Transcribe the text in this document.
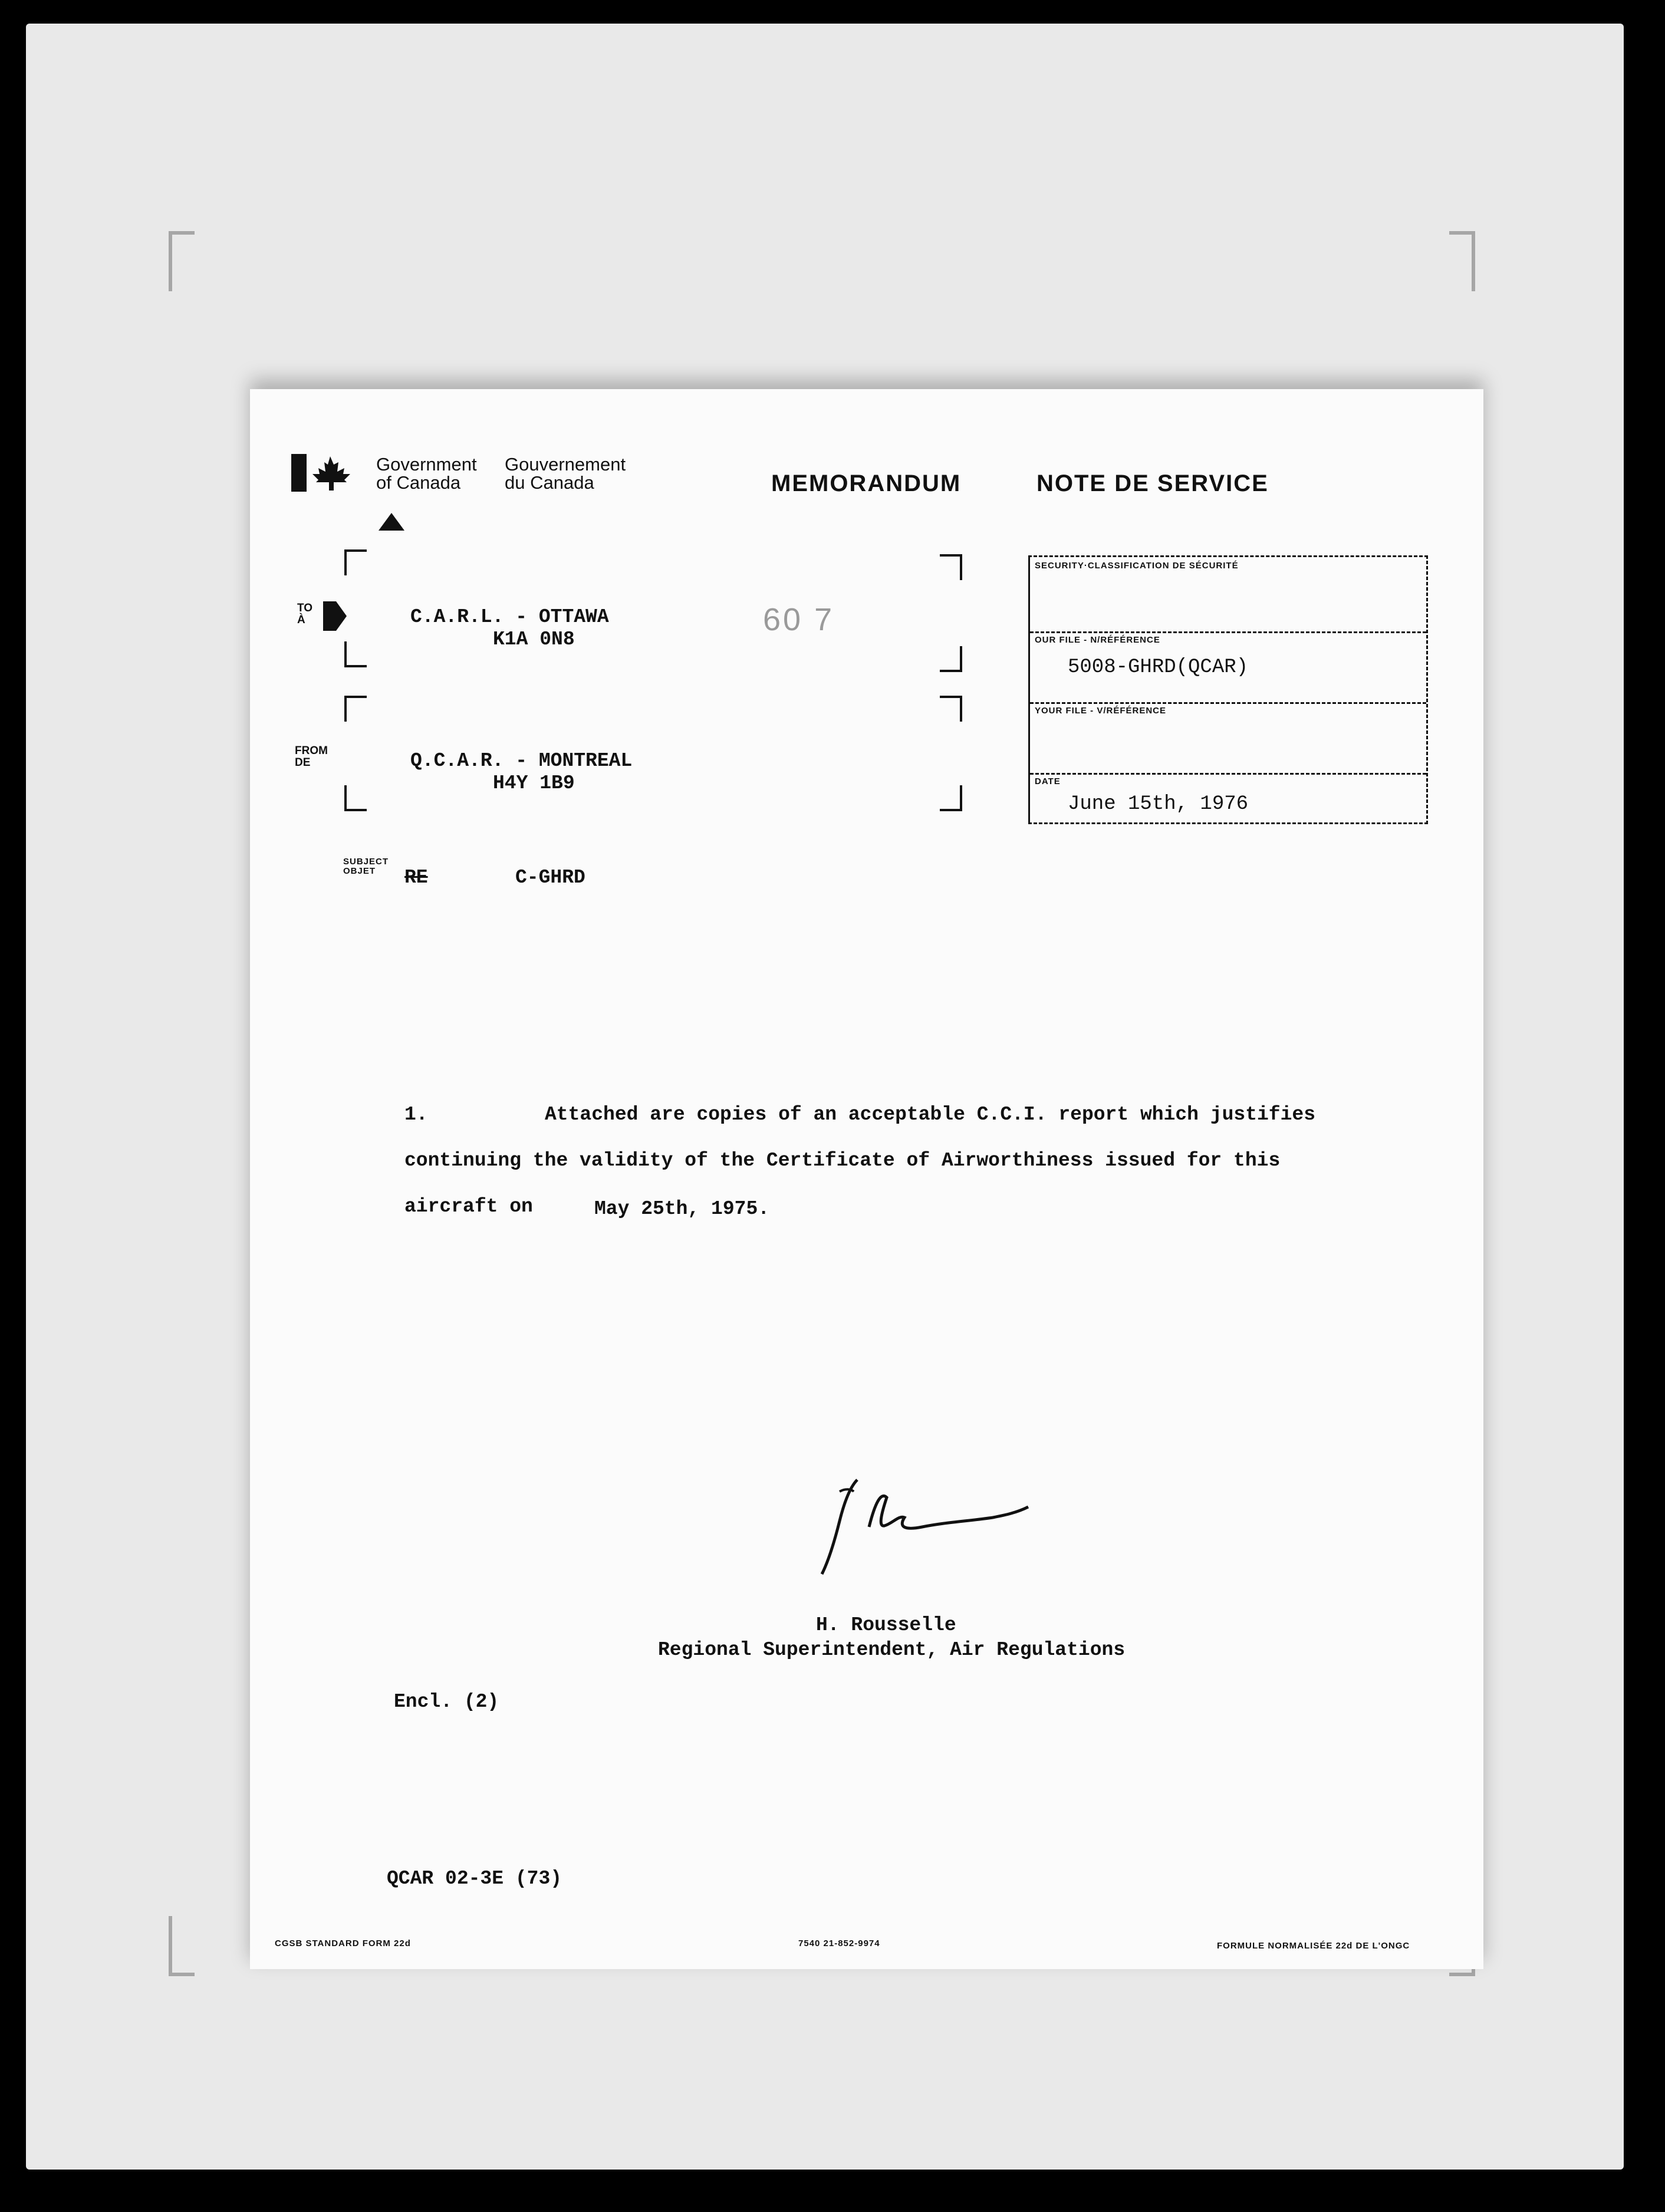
Government
of Canada
Gouvernement
du Canada	MEMORANDUM	NOTE DE SERVICE
TO
À	C.A.R.L. - OTTAWA
K1A 0N8
60 7
FROM
DE	Q.C.A.R. - MONTREAL
H4Y 1B9
SECURITY·CLASSIFICATION DE SÉCURITÉ
OUR FILE - N/RÉFÉRENCE
5008-GHRD(QCAR)
YOUR FILE - V/RÉFÉRENCE
DATE
June 15th, 1976
SUBJECT
OBJET	RE	C-GHRD
1.	Attached are copies of an acceptable C.C.I. report which justifies
continuing the validity of the Certificate of Airworthiness issued for this
aircraft on	May 25th, 1975.
H. Rousselle
Regional Superintendent, Air Regulations
Encl. (2)
QCAR 02-3E (73)
CGSB STANDARD FORM 22d	7540 21-852-9974	FORMULE NORMALISÉE 22d DE L'ONGC
